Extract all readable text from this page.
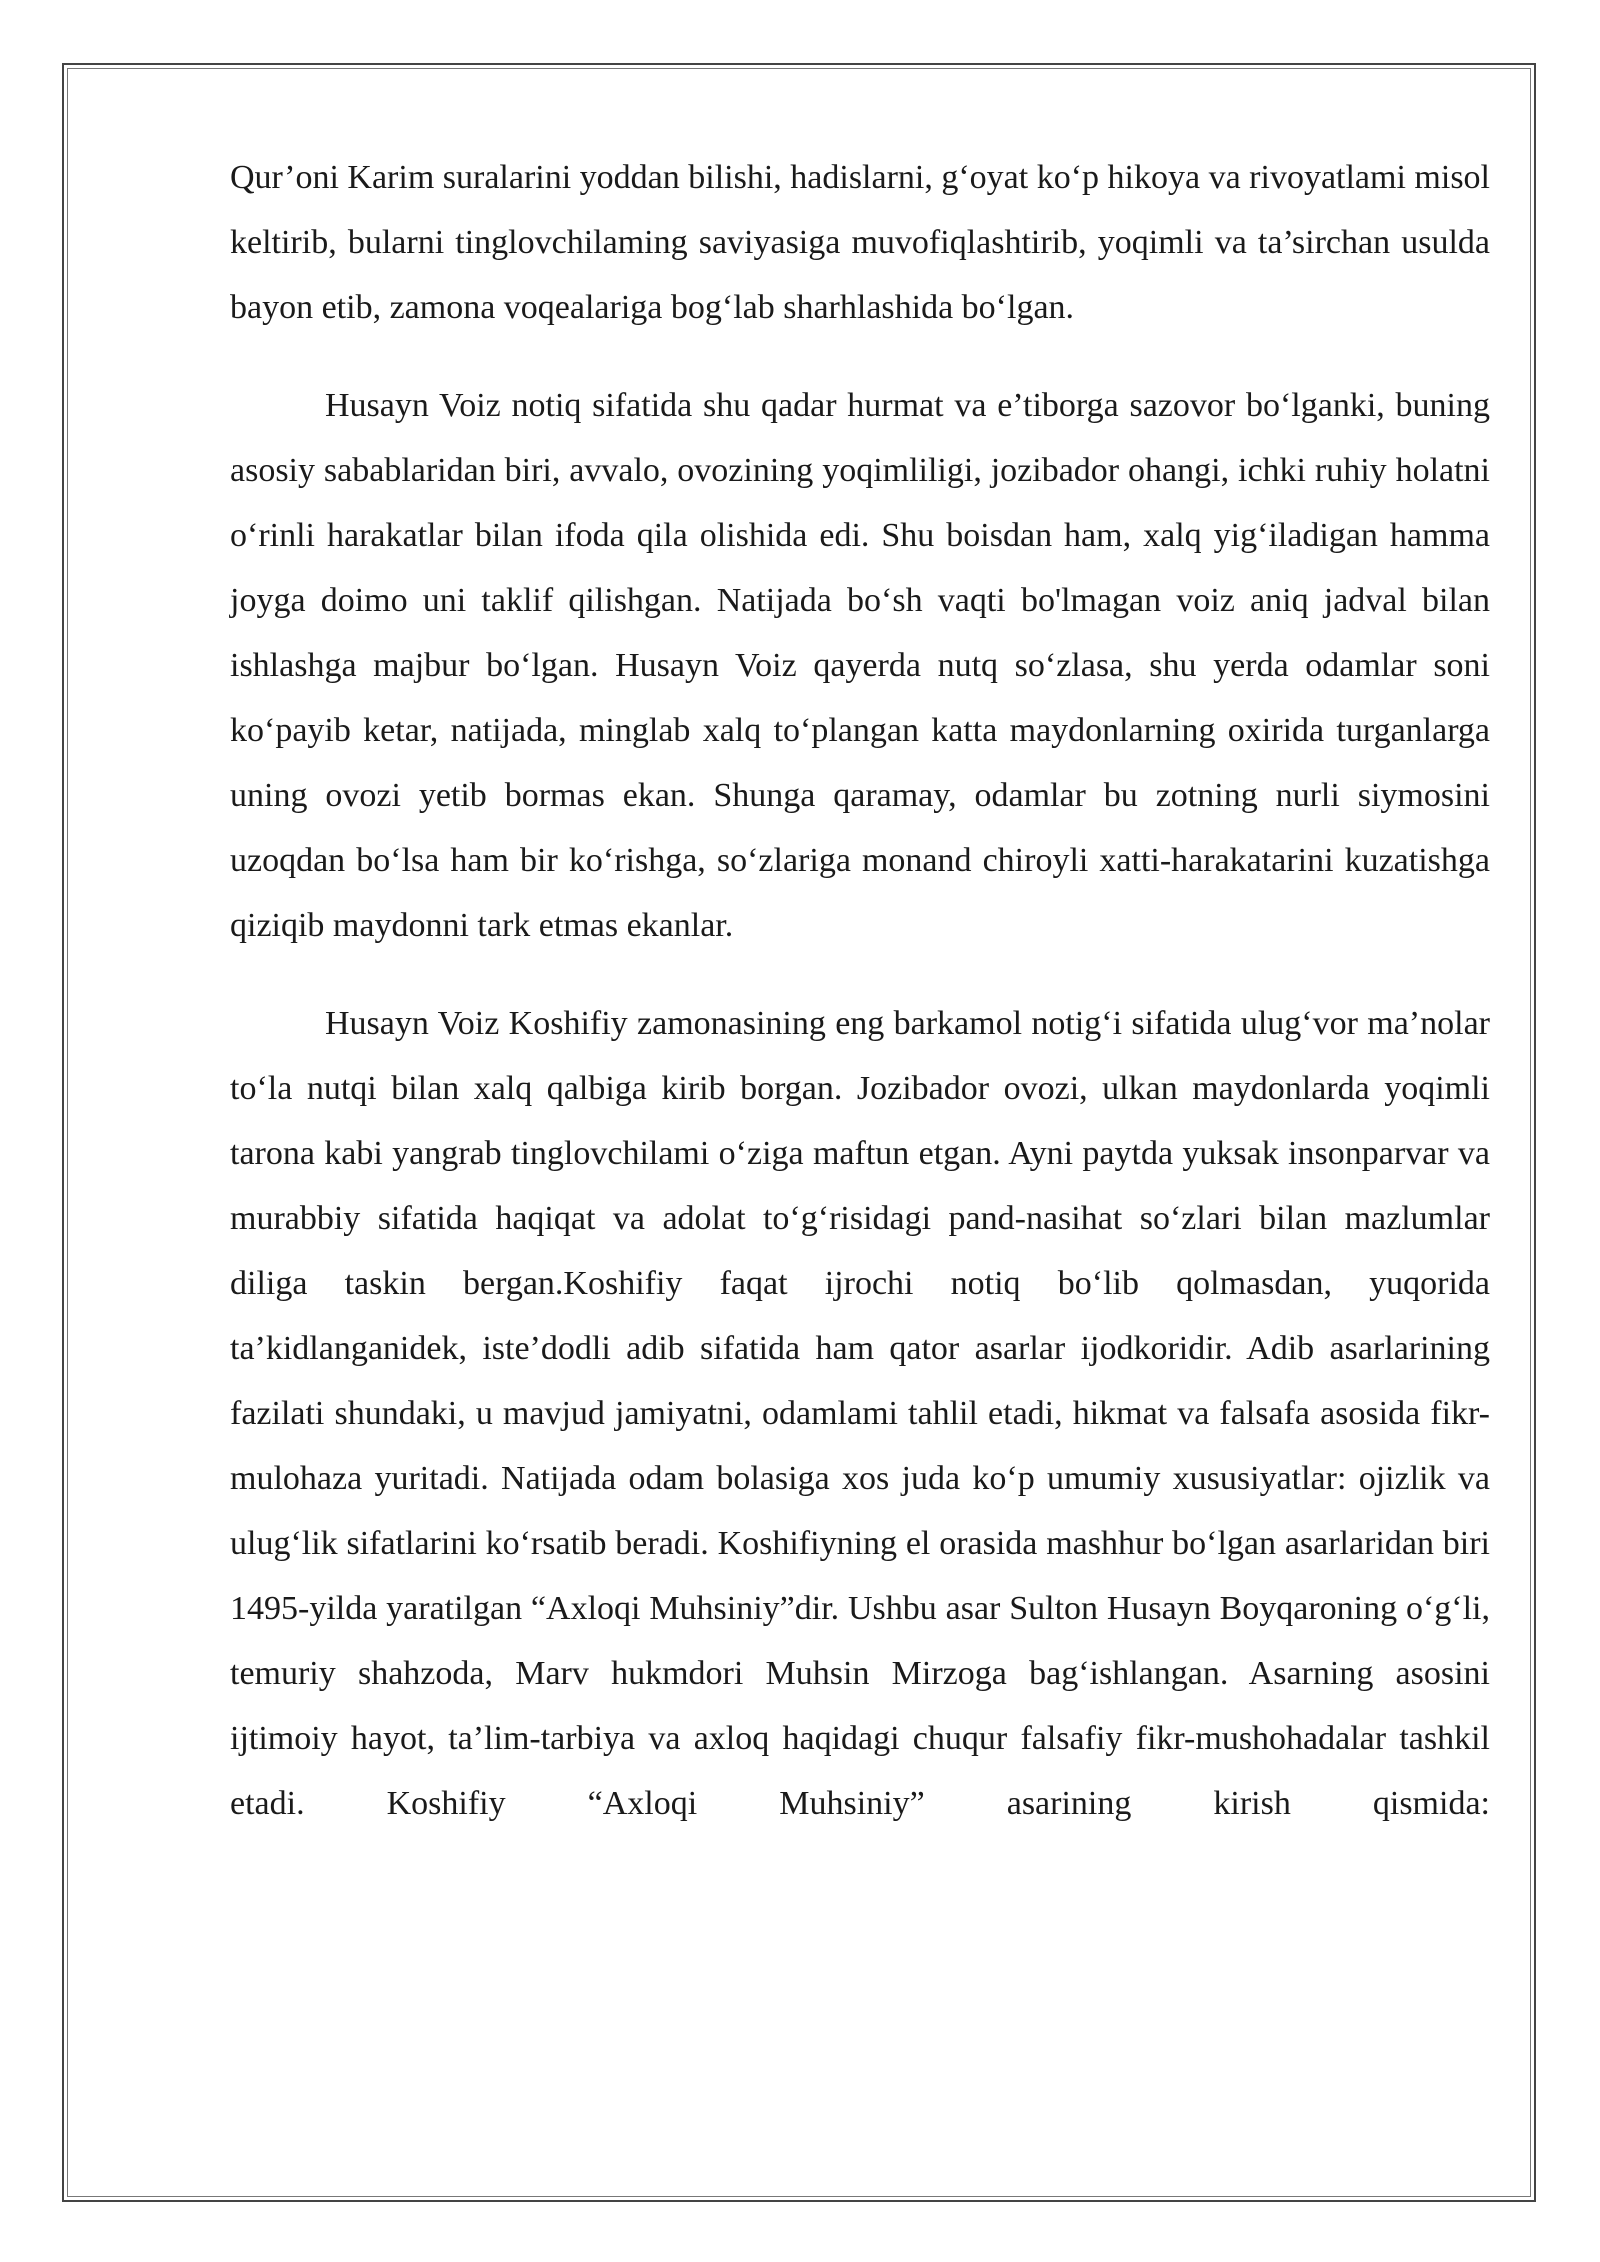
Qur’oni Karim suralarini yoddan bilishi, hadislarni, g‘oyat ko‘p hikoya va rivoyatlami misol keltirib, bularni tinglovchilaming saviyasiga muvofiqlashtirib, yoqimli va ta’sirchan usulda bayon etib, zamona voqealariga bog‘lab sharhlashida bo‘lgan.

Husayn Voiz notiq sifatida shu qadar hurmat va e’tiborga sazovor bo‘lganki, buning asosiy sabablaridan biri, avvalo, ovozining yoqimliligi, jozibador ohangi, ichki ruhiy holatni o‘rinli harakatlar bilan ifoda qila olishida edi. Shu boisdan ham, xalq yig‘iladigan hamma joyga doimo uni taklif qilishgan. Natijada bo‘sh vaqti bo'lmagan voiz aniq jadval bilan ishlashga majbur bo‘lgan. Husayn Voiz qayerda nutq so‘zlasa, shu yerda odamlar soni ko‘payib ketar, natijada, minglab xalq to‘plangan katta maydonlarning oxirida turganlarga uning ovozi yetib bormas ekan. Shunga qaramay, odamlar bu zotning nurli siymosini uzoqdan bo‘lsa ham bir ko‘rishga, so‘zlariga monand chiroyli xatti-harakatarini kuzatishga qiziqib maydonni tark etmas ekanlar.

Husayn Voiz Koshifiy zamonasining eng barkamol notig‘i sifatida ulug‘vor ma’nolar to‘la nutqi bilan xalq qalbiga kirib borgan. Jozibador ovozi, ulkan maydonlarda yoqimli tarona kabi yangrab tinglovchilami o‘ziga maftun etgan. Ayni paytda yuksak insonparvar va murabbiy sifatida haqiqat va adolat to‘g‘risidagi pand-nasihat so‘zlari bilan mazlumlar diliga taskin bergan.Koshifiy faqat ijrochi notiq bo‘lib qolmasdan, yuqorida ta’kidlanganidek, iste’dodli adib sifatida ham qator asarlar ijodkoridir. Adib asarlarining fazilati shundaki, u mavjud jamiyatni, odamlami tahlil etadi, hikmat va falsafa asosida fikr-mulohaza yuritadi. Natijada odam bolasiga xos juda ko‘p umumiy xususiyatlar: ojizlik va ulug‘lik sifatlarini ko‘rsatib beradi. Koshifiyning el orasida mashhur bo‘lgan asarlaridan biri 1495-yilda yaratilgan “Axloqi Muhsiniy”dir. Ushbu asar Sulton Husayn Boyqaroning o‘g‘li, temuriy shahzoda, Marv hukmdori Muhsin Mirzoga bag‘ishlangan. Asarning asosini ijtimoiy hayot, ta’lim-tarbiya va axloq haqidagi chuqur falsafiy fikr-mushohadalar tashkil etadi. Koshifiy “Axloqi Muhsiniy” asarining kirish qismida:
